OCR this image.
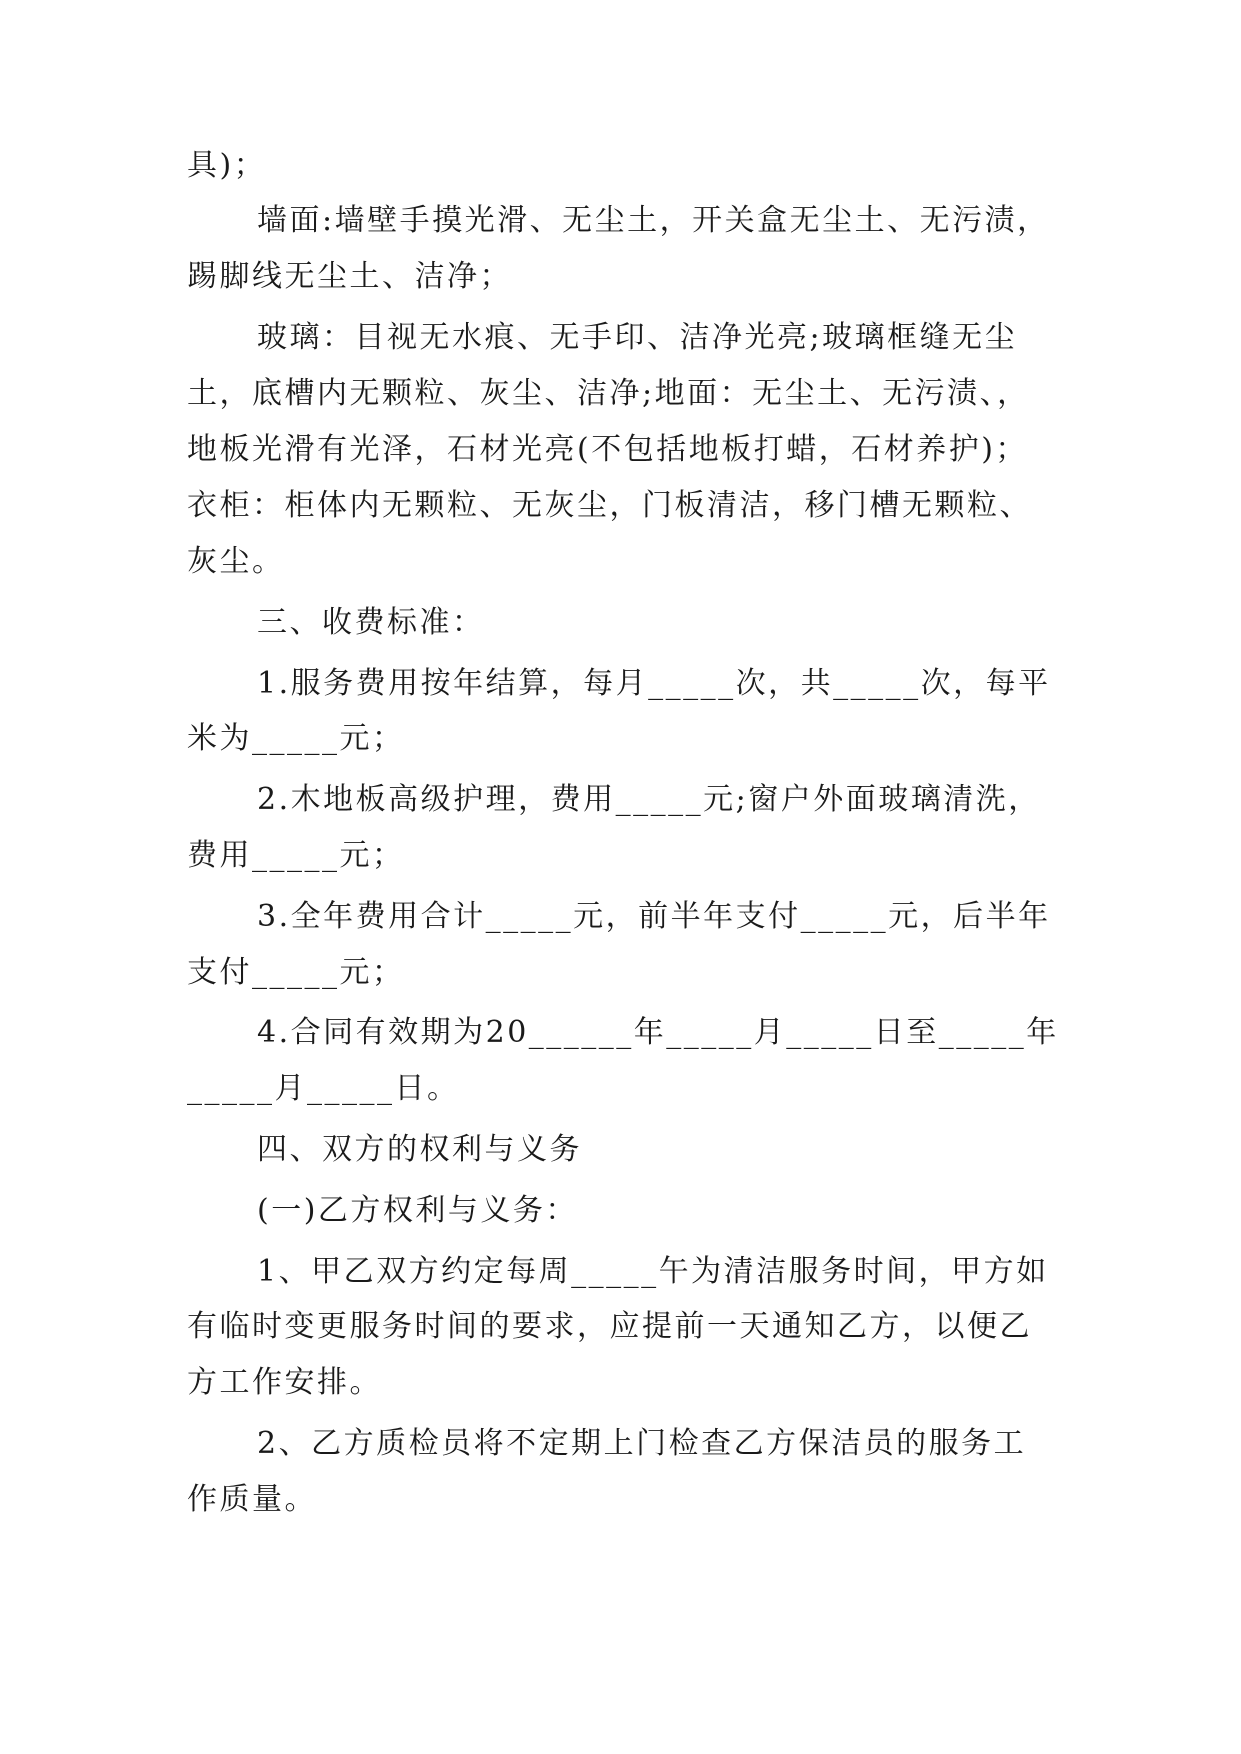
具)；

墙面:墙壁手摸光滑、无尘土，开关盒无尘土、无污渍，

踢脚线无尘土、洁净；

玻璃：目视无水痕、无手印、洁净光亮;玻璃框缝无尘

土，底槽内无颗粒、灰尘、洁净;地面：无尘土、无污渍、，

地板光滑有光泽，石材光亮(不包括地板打蜡，石材养护)；

衣柜：柜体内无颗粒、无灰尘，门板清洁，移门槽无颗粒、

灰尘。

三、收费标准：

1.服务费用按年结算，每月_____次，共_____次，每平

米为_____元；

2.木地板高级护理，费用_____元;窗户外面玻璃清洗，

费用_____元；

3.全年费用合计_____元，前半年支付_____元，后半年

支付_____元；

4.合同有效期为20______年_____月_____日至_____年

_____月_____日。

四、双方的权利与义务

(一)乙方权利与义务：

1、甲乙双方约定每周_____午为清洁服务时间，甲方如

有临时变更服务时间的要求，应提前一天通知乙方，以便乙

方工作安排。

2、乙方质检员将不定期上门检查乙方保洁员的服务工

作质量。
